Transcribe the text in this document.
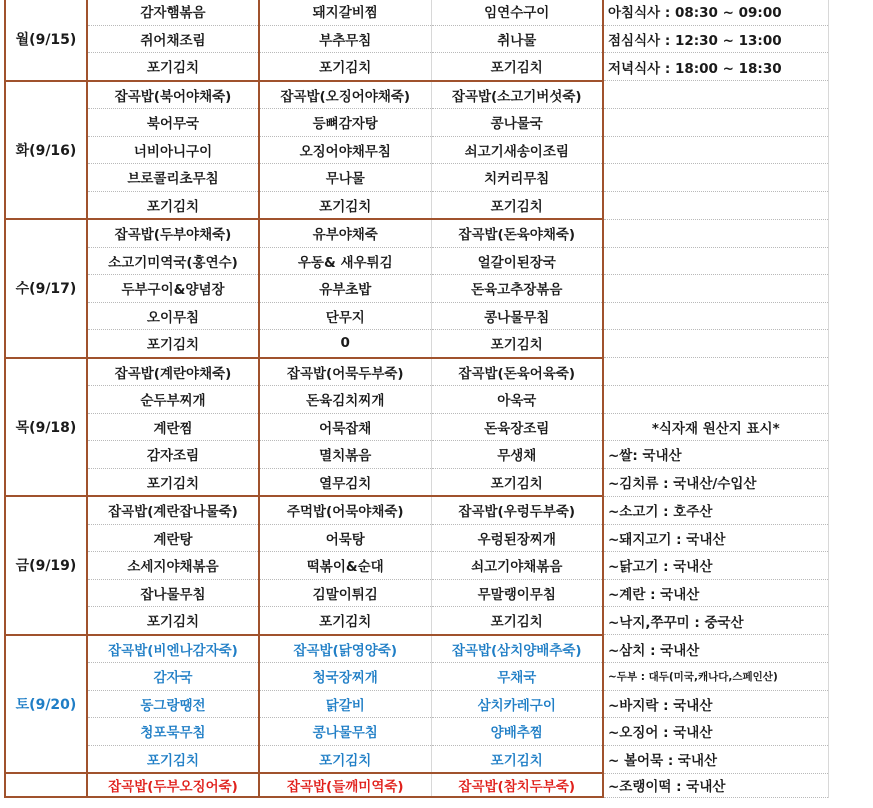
월(9/15)	감자햄볶음	돼지갈비찜	임연수구이	아침식사 : 08:30 ~ 09:00
	쥐어채조림	부추무침	취나물	점심식사 : 12:30 ~ 13:00
	포기김치	포기김치	포기김치	저녁식사 : 18:00 ~ 18:30
화(9/16)	잡곡밥(북어야채죽)	잡곡밥(오징어야채죽)	잡곡밥(소고기버섯죽)	
	북어무국	등뼈감자탕	콩나물국	
	너비아니구이	오징어야채무침	쇠고기새송이조림	
	브로콜리초무침	무나물	치커리무침	
	포기김치	포기김치	포기김치	
수(9/17)	잡곡밥(두부야채죽)	유부야채죽	잡곡밥(돈육야채죽)	
	소고기미역국(홍연수)	우동& 새우튀김	얼갈이된장국	
	두부구이&양념장	유부초밥	돈육고추장볶음	
	오이무침	단무지	콩나물무침	
	포기김치	0	포기김치	
목(9/18)	잡곡밥(계란야채죽)	잡곡밥(어묵두부죽)	잡곡밥(돈육어육죽)	
	순두부찌개	돈육김치찌개	아욱국	
	계란찜	어묵잡채	돈육장조림	*식자재 원산지 표시*
	감자조림	멸치볶음	무생채	~쌀: 국내산
	포기김치	열무김치	포기김치	~김치류 : 국내산/수입산
금(9/19)	잡곡밥(계란잡나물죽)	주먹밥(어묵야채죽)	잡곡밥(우렁두부죽)	~소고기 : 호주산
	계란탕	어묵탕	우렁된장찌개	~돼지고기 : 국내산
	소세지야채볶음	떡볶이&순대	쇠고기야채볶음	~닭고기 : 국내산
	잡나물무침	김말이튀김	무말랭이무침	~계란 : 국내산
	포기김치	포기김치	포기김치	~낙지,쭈꾸미 : 중국산
토(9/20)	잡곡밥(비엔나감자죽)	잡곡밥(닭영양죽)	잡곡밥(삼치양배추죽)	~삼치 : 국내산
	감자국	청국장찌개	무채국	~두부 : 대두(미국,캐나다,스페인산)
	동그랑땡전	닭갈비	삼치카레구이	~바지락 : 국내산
	청포묵무침	콩나물무침	양배추찜	~오징어 : 국내산
	포기김치	포기김치	포기김치	~ 볼어묵 : 국내산
	잡곡밥(두부오징어죽)	잡곡밥(들깨미역죽)	잡곡밥(참치두부죽)	~조랭이떡 : 국내산
